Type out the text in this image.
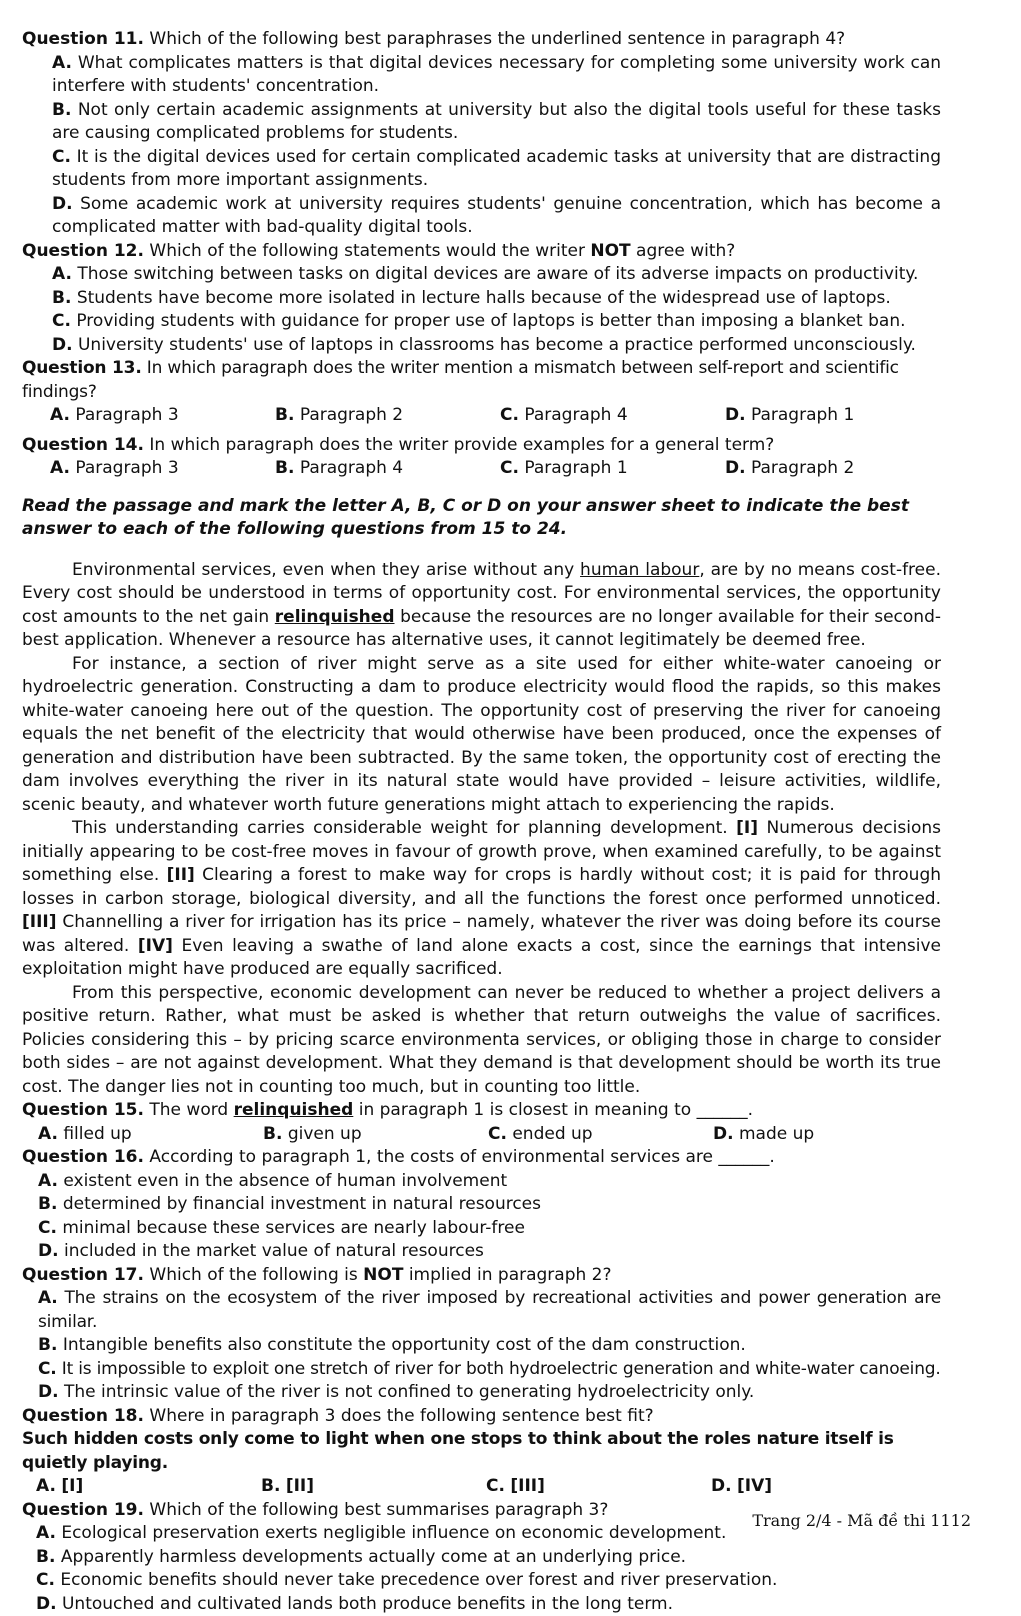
Question 11. Which of the following best paraphrases the underlined sentence in paragraph 4?

A. What complicates matters is that digital devices necessary for completing some university work can interfere with students' concentration.

B. Not only certain academic assignments at university but also the digital tools useful for these tasks are causing complicated problems for students.

C. It is the digital devices used for certain complicated academic tasks at university that are distracting students from more important assignments.

D. Some academic work at university requires students' genuine concentration, which has become a complicated matter with bad-quality digital tools.

Question 12. Which of the following statements would the writer NOT agree with?

A. Those switching between tasks on digital devices are aware of its adverse impacts on productivity.

B. Students have become more isolated in lecture halls because of the widespread use of laptops.

C. Providing students with guidance for proper use of laptops is better than imposing a blanket ban.

D. University students' use of laptops in classrooms has become a practice performed unconsciously.

Question 13. In which paragraph does the writer mention a mismatch between self-report and scientific findings?

A. Paragraph 3	B. Paragraph 2	C. Paragraph 4	D. Paragraph 1

Question 14. In which paragraph does the writer provide examples for a general term?

A. Paragraph 3	B. Paragraph 4	C. Paragraph 1	D. Paragraph 2

Read the passage and mark the letter A, B, C or D on your answer sheet to indicate the best answer to each of the following questions from 15 to 24.

Environmental services, even when they arise without any human labour, are by no means cost-free. Every cost should be understood in terms of opportunity cost. For environmental services, the opportunity cost amounts to the net gain relinquished because the resources are no longer available for their second-best application. Whenever a resource has alternative uses, it cannot legitimately be deemed free.

For instance, a section of river might serve as a site used for either white-water canoeing or hydroelectric generation. Constructing a dam to produce electricity would flood the rapids, so this makes white-water canoeing here out of the question. The opportunity cost of preserving the river for canoeing equals the net benefit of the electricity that would otherwise have been produced, once the expenses of generation and distribution have been subtracted. By the same token, the opportunity cost of erecting the dam involves everything the river in its natural state would have provided – leisure activities, wildlife, scenic beauty, and whatever worth future generations might attach to experiencing the rapids.

This understanding carries considerable weight for planning development. [I] Numerous decisions initially appearing to be cost-free moves in favour of growth prove, when examined carefully, to be against something else. [II] Clearing a forest to make way for crops is hardly without cost; it is paid for through losses in carbon storage, biological diversity, and all the functions the forest once performed unnoticed. [III] Channelling a river for irrigation has its price – namely, whatever the river was doing before its course was altered. [IV] Even leaving a swathe of land alone exacts a cost, since the earnings that intensive exploitation might have produced are equally sacrificed.

From this perspective, economic development can never be reduced to whether a project delivers a positive return. Rather, what must be asked is whether that return outweighs the value of sacrifices. Policies considering this – by pricing scarce environmenta services, or obliging those in charge to consider both sides – are not against development. What they demand is that development should be worth its true cost. The danger lies not in counting too much, but in counting too little.

Question 15. The word relinquished in paragraph 1 is closest in meaning to ______.

A. filled up	B. given up	C. ended up	D. made up

Question 16. According to paragraph 1, the costs of environmental services are ______.

A. existent even in the absence of human involvement

B. determined by financial investment in natural resources

C. minimal because these services are nearly labour-free

D. included in the market value of natural resources

Question 17. Which of the following is NOT implied in paragraph 2?

A. The strains on the ecosystem of the river imposed by recreational activities and power generation are similar.

B. Intangible benefits also constitute the opportunity cost of the dam construction.

C. It is impossible to exploit one stretch of river for both hydroelectric generation and white-water canoeing.

D. The intrinsic value of the river is not confined to generating hydroelectricity only.

Question 18. Where in paragraph 3 does the following sentence best fit?

Such hidden costs only come to light when one stops to think about the roles nature itself is quietly playing.

A. [I]	B. [II]	C. [III]	D. [IV]

Question 19. Which of the following best summarises paragraph 3?

A. Ecological preservation exerts negligible influence on economic development.

B. Apparently harmless developments actually come at an underlying price.

C. Economic benefits should never take precedence over forest and river preservation.

D. Untouched and cultivated lands both produce benefits in the long term.

Trang 2/4 - Mã đề thi 1112
